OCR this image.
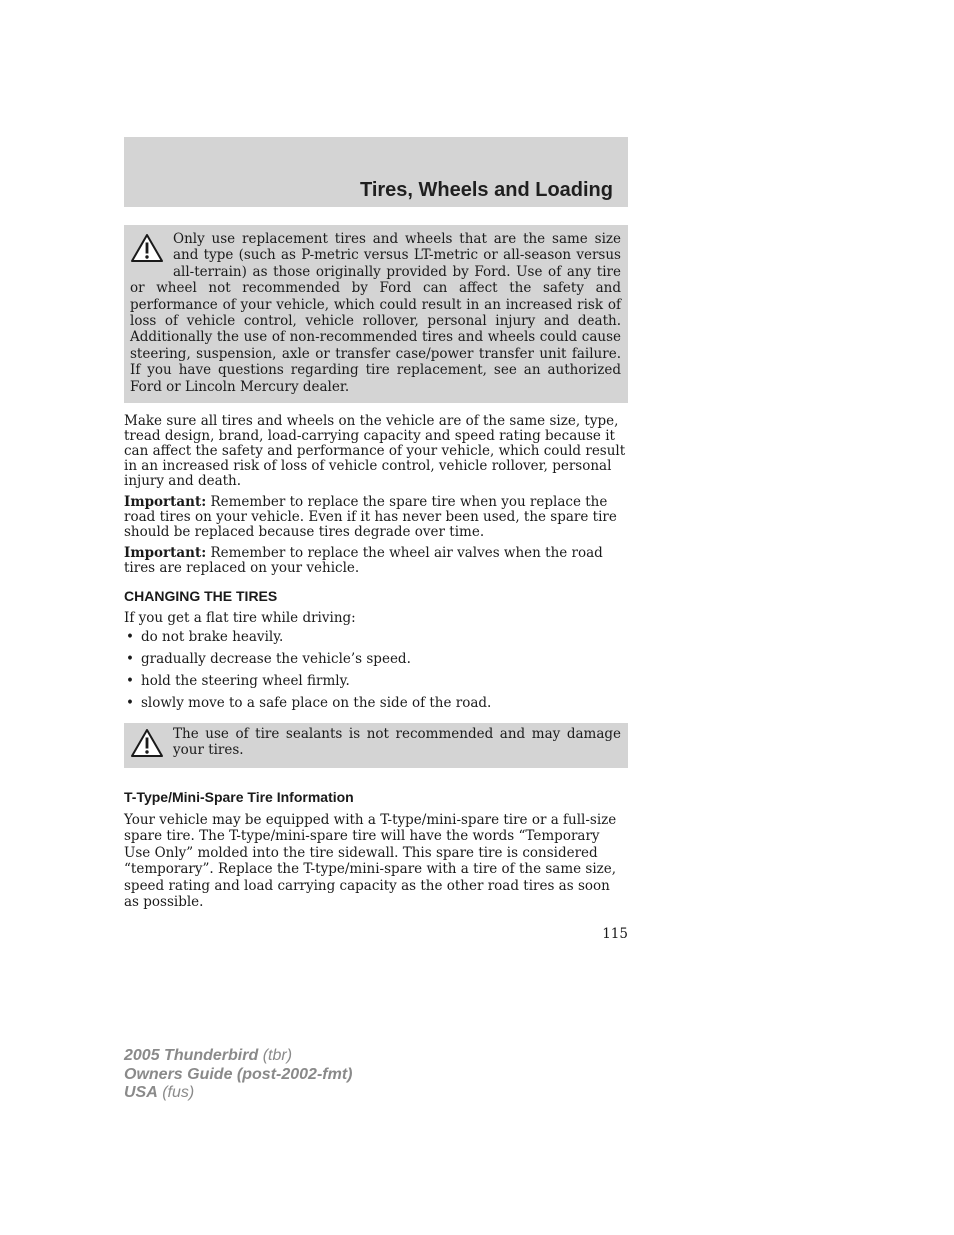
Tires, Wheels and Loading

Only use replacement tires and wheels that are the same size and type (such as P-metric versus LT-metric or all-season versus all-terrain) as those originally provided by Ford. Use of any tire or wheel not recommended by Ford can affect the safety and performance of your vehicle, which could result in an increased risk of loss of vehicle control, vehicle rollover, personal injury and death. Additionally the use of non-recommended tires and wheels could cause steering, suspension, axle or transfer case/power transfer unit failure. If you have questions regarding tire replacement, see an authorized Ford or Lincoln Mercury dealer.

Make sure all tires and wheels on the vehicle are of the same size, type, tread design, brand, load-carrying capacity and speed rating because it can affect the safety and performance of your vehicle, which could result in an increased risk of loss of vehicle control, vehicle rollover, personal injury and death.

Important: Remember to replace the spare tire when you replace the road tires on your vehicle. Even if it has never been used, the spare tire should be replaced because tires degrade over time.

Important: Remember to replace the wheel air valves when the road tires are replaced on your vehicle.

CHANGING THE TIRES

If you get a flat tire while driving:

• do not brake heavily.
• gradually decrease the vehicle’s speed.
• hold the steering wheel firmly.
• slowly move to a safe place on the side of the road.

The use of tire sealants is not recommended and may damage your tires.

T-Type/Mini-Spare Tire Information

Your vehicle may be equipped with a T-type/mini-spare tire or a full-size spare tire. The T-type/mini-spare tire will have the words “Temporary Use Only” molded into the tire sidewall. This spare tire is considered “temporary”. Replace the T-type/mini-spare with a tire of the same size, speed rating and load carrying capacity as the other road tires as soon as possible.

115

2005 Thunderbird (tbr)
Owners Guide (post-2002-fmt)
USA (fus)
